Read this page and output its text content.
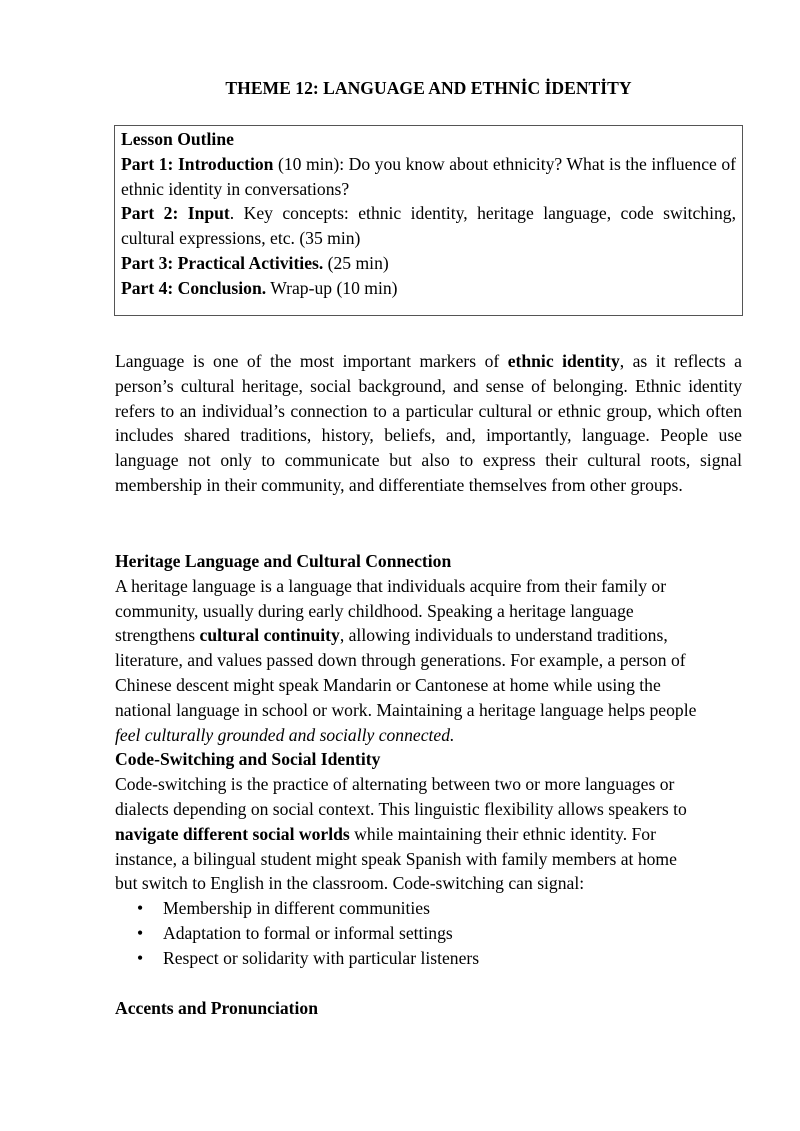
THEME 12: LANGUAGE AND ETHNİC İDENTİTY
Lesson Outline
Part 1: Introduction (10 min): Do you know about ethnicity? What is the influence of ethnic identity in conversations?
Part 2: Input. Key concepts: ethnic identity, heritage language, code switching, cultural expressions, etc. (35 min)
Part 3: Practical Activities. (25 min)
Part 4: Conclusion. Wrap-up (10 min)
Language is one of the most important markers of ethnic identity, as it reflects a person’s cultural heritage, social background, and sense of belonging. Ethnic identity refers to an individual’s connection to a particular cultural or ethnic group, which often includes shared traditions, history, beliefs, and, importantly, language. People use language not only to communicate but also to express their cultural roots, signal membership in their community, and differentiate themselves from other groups.
Heritage Language and Cultural Connection
A heritage language is a language that individuals acquire from their family or
community, usually during early childhood. Speaking a heritage language
strengthens cultural continuity, allowing individuals to understand traditions,
literature, and values passed down through generations. For example, a person of
Chinese descent might speak Mandarin or Cantonese at home while using the
national language in school or work. Maintaining a heritage language helps people
feel culturally grounded and socially connected.
Code-Switching and Social Identity
Code-switching is the practice of alternating between two or more languages or
dialects depending on social context. This linguistic flexibility allows speakers to
navigate different social worlds while maintaining their ethnic identity. For
instance, a bilingual student might speak Spanish with family members at home
but switch to English in the classroom. Code-switching can signal:
• Membership in different communities
• Adaptation to formal or informal settings
• Respect or solidarity with particular listeners
Accents and Pronunciation
